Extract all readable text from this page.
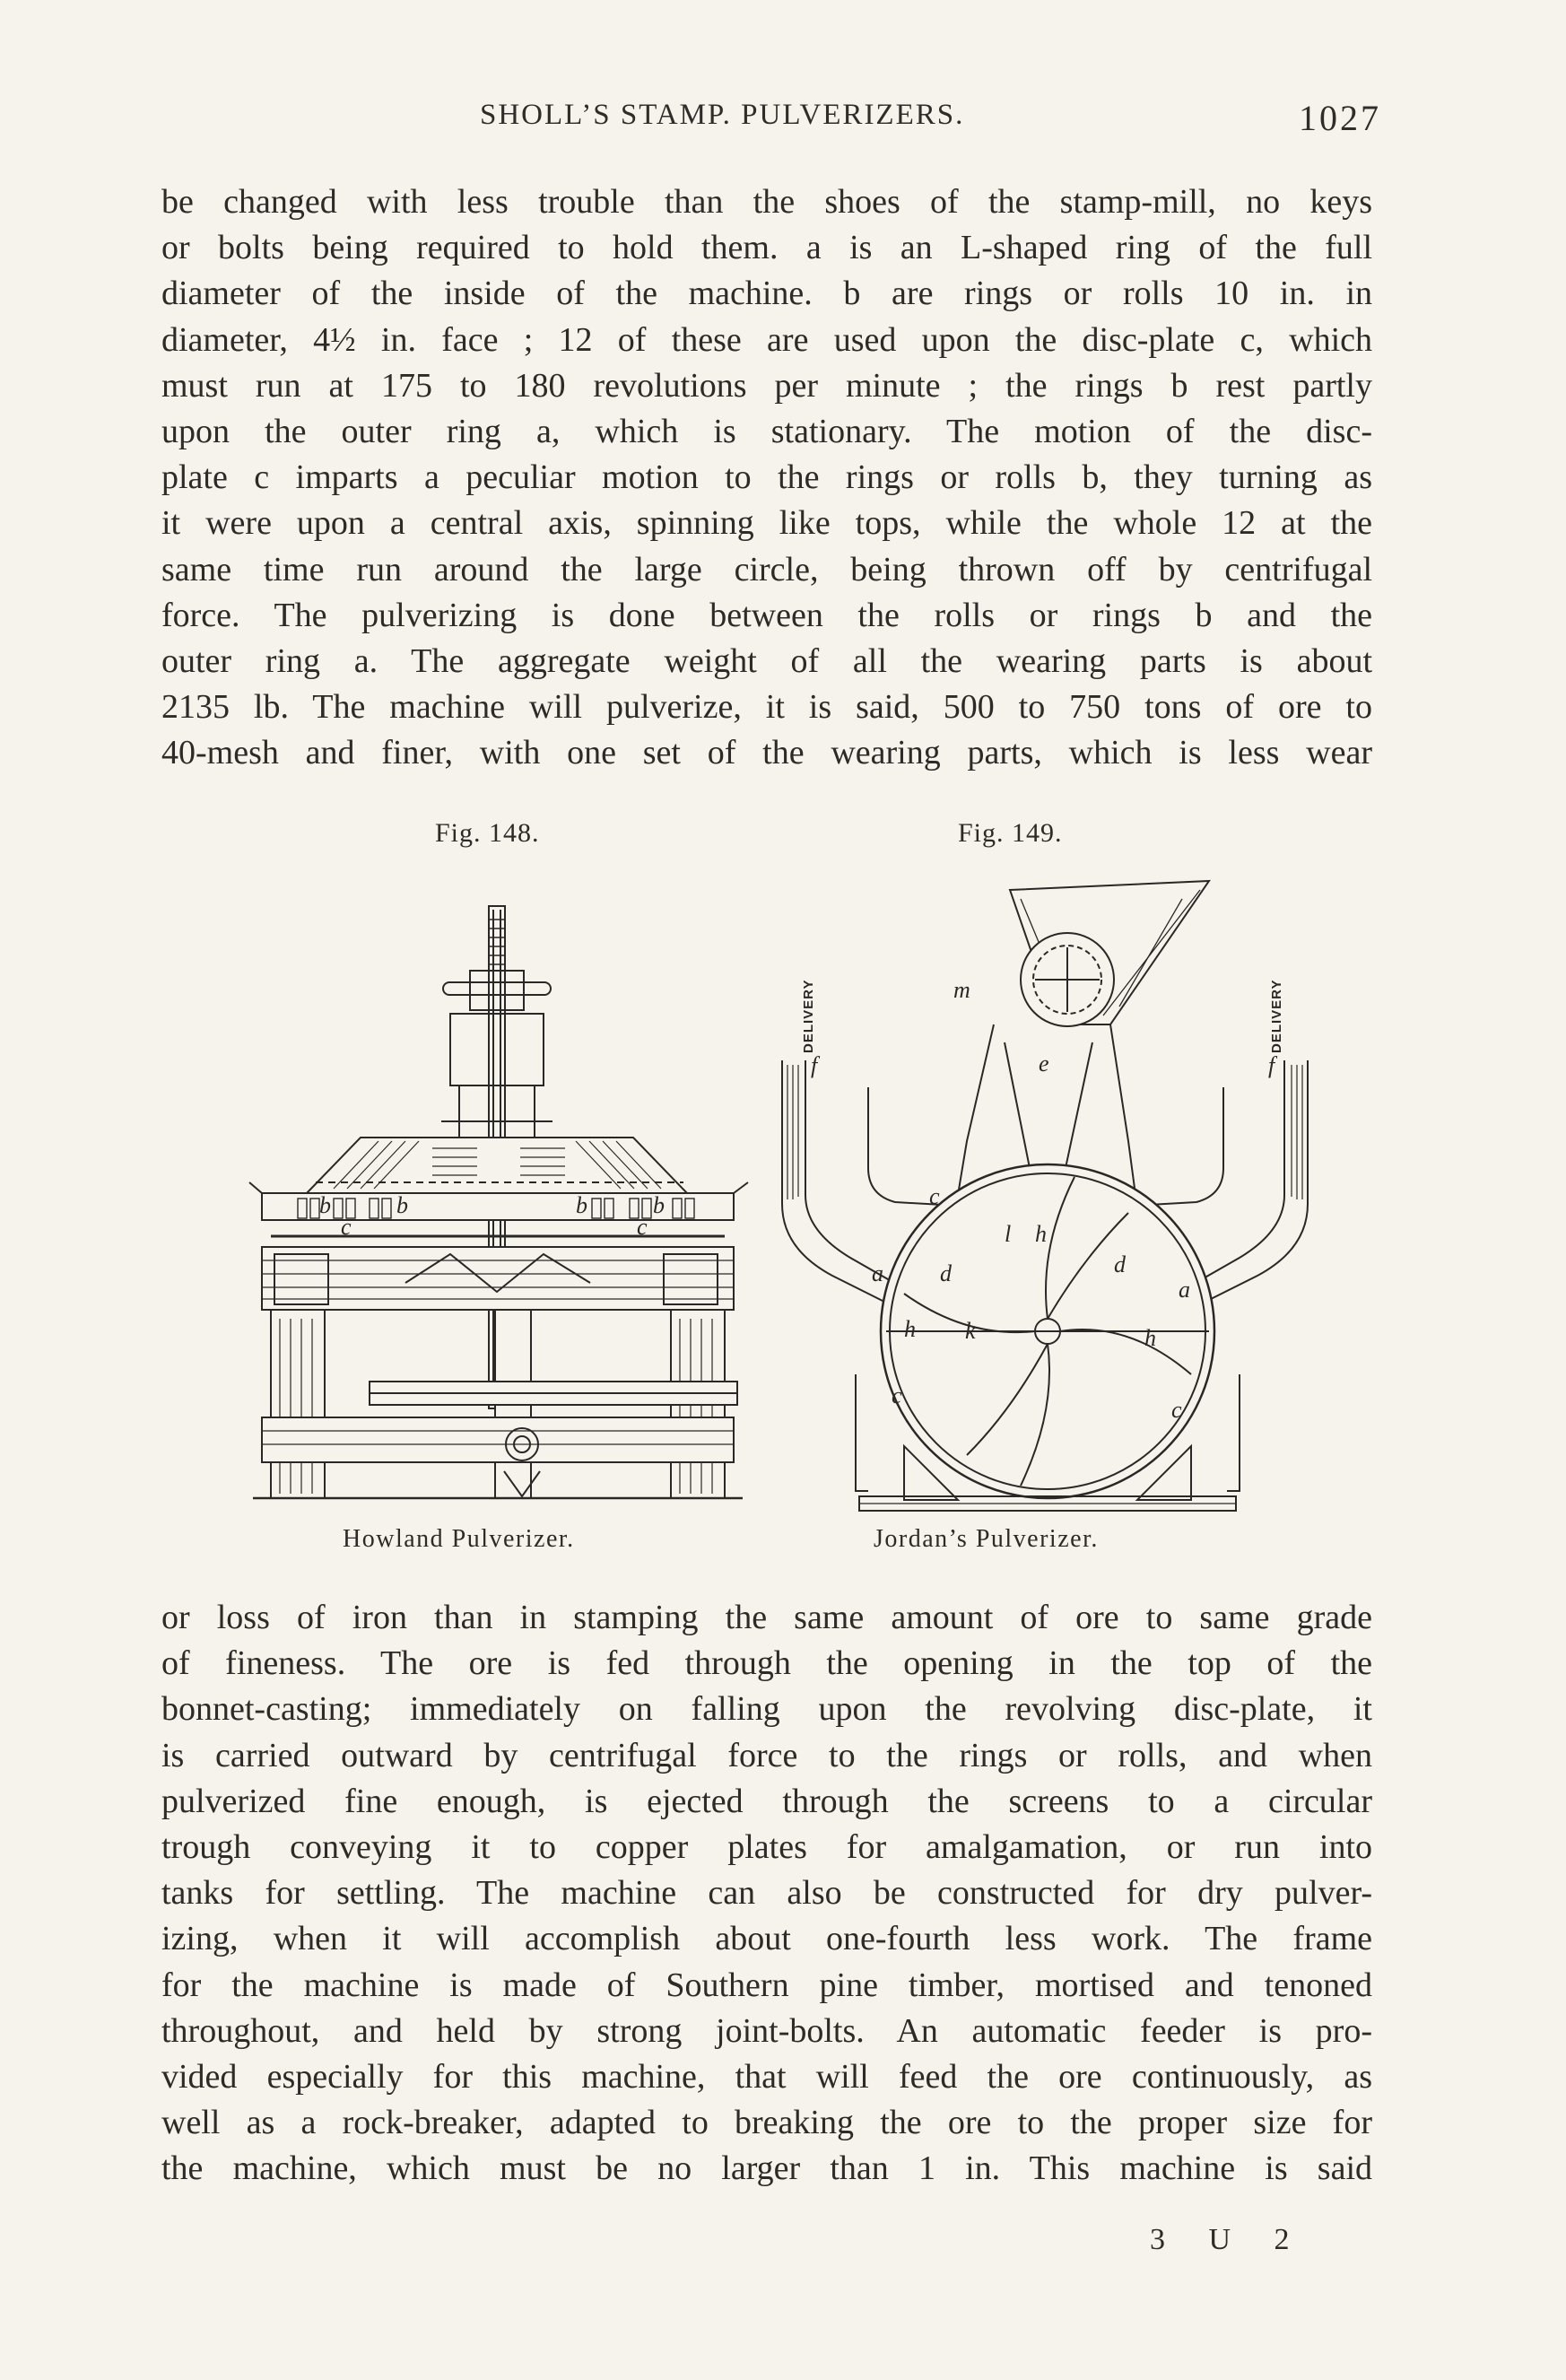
SHOLL’S STAMP. PULVERIZERS.	1027
be changed with less trouble than the shoes of the stamp-mill, no keys
or bolts being required to hold them. a is an L-shaped ring of the full
diameter of the inside of the machine. b are rings or rolls 10 in. in
diameter, 4½ in. face ; 12 of these are used upon the disc-plate c, which
must run at 175 to 180 revolutions per minute ; the rings b rest partly
upon the outer ring a, which is stationary. The motion of the disc-
plate c imparts a peculiar motion to the rings or rolls b, they turning as
it were upon a central axis, spinning like tops, while the whole 12 at the
same time run around the large circle, being thrown off by centrifugal
force. The pulverizing is done between the rolls or rings b and the
outer ring a. The aggregate weight of all the wearing parts is about
2135 lb. The machine will pulverize, it is said, 500 to 750 tons of ore to
40-mesh and finer, with one set of the wearing parts, which is less wear
Fig. 148.	Fig. 149.
b	b	b	b
c	c
m
e
DELIVERY	DELIVERY
f	f
c
l h
d	d
a
a
h k	h
c
c
Howland Pulverizer.	Jordan’s Pulverizer.
or loss of iron than in stamping the same amount of ore to same grade
of fineness. The ore is fed through the opening in the top of the
bonnet-casting; immediately on falling upon the revolving disc-plate, it
is carried outward by centrifugal force to the rings or rolls, and when
pulverized fine enough, is ejected through the screens to a circular
trough conveying it to copper plates for amalgamation, or run into
tanks for settling. The machine can also be constructed for dry pulver-
izing, when it will accomplish about one-fourth less work. The frame
for the machine is made of Southern pine timber, mortised and tenoned
throughout, and held by strong joint-bolts. An automatic feeder is pro-
vided especially for this machine, that will feed the ore continuously, as
well as a rock-breaker, adapted to breaking the ore to the proper size for
the machine, which must be no larger than 1 in. This machine is said
3 U 2
